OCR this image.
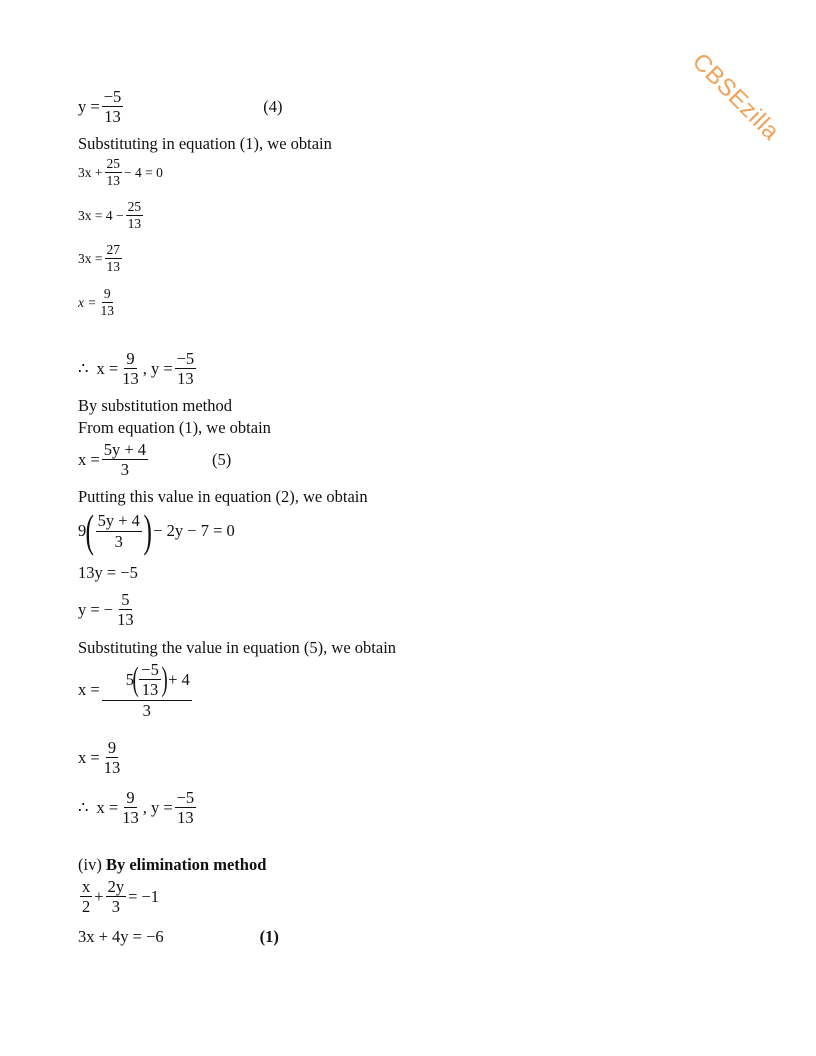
CBSEzilla
$y = \frac{-5}{13}$	(4)
Substituting in equation (1), we obtain
$3x + \frac{25}{13} - 4 = 0$
$3x = 4 - \frac{25}{13}$
$3x = \frac{27}{13}$
$x = \frac{9}{13}$
∴ $x = \frac{9}{13}$ , $y = \frac{-5}{13}$
By substitution method
From equation (1), we obtain
$x = \frac{5y + 4}{3}$	(5)
Putting this value in equation (2), we obtain
9 ( $\frac{5y + 4}{3}$ ) − 2y − 7 = 0
13y = −5
y = − $\frac{5}{13}$
Substituting the value in equation (5), we obtain
x =
5
( $\frac{-5}{13}$ ) + 4
3
$x = \frac{9}{13}$
∴ $x = \frac{9}{13}$ , $y = \frac{-5}{13}$
(iv) By elimination method
$\frac{x}{2} + \frac{2y}{3} = -1$
3x + 4y = −6	(1)
